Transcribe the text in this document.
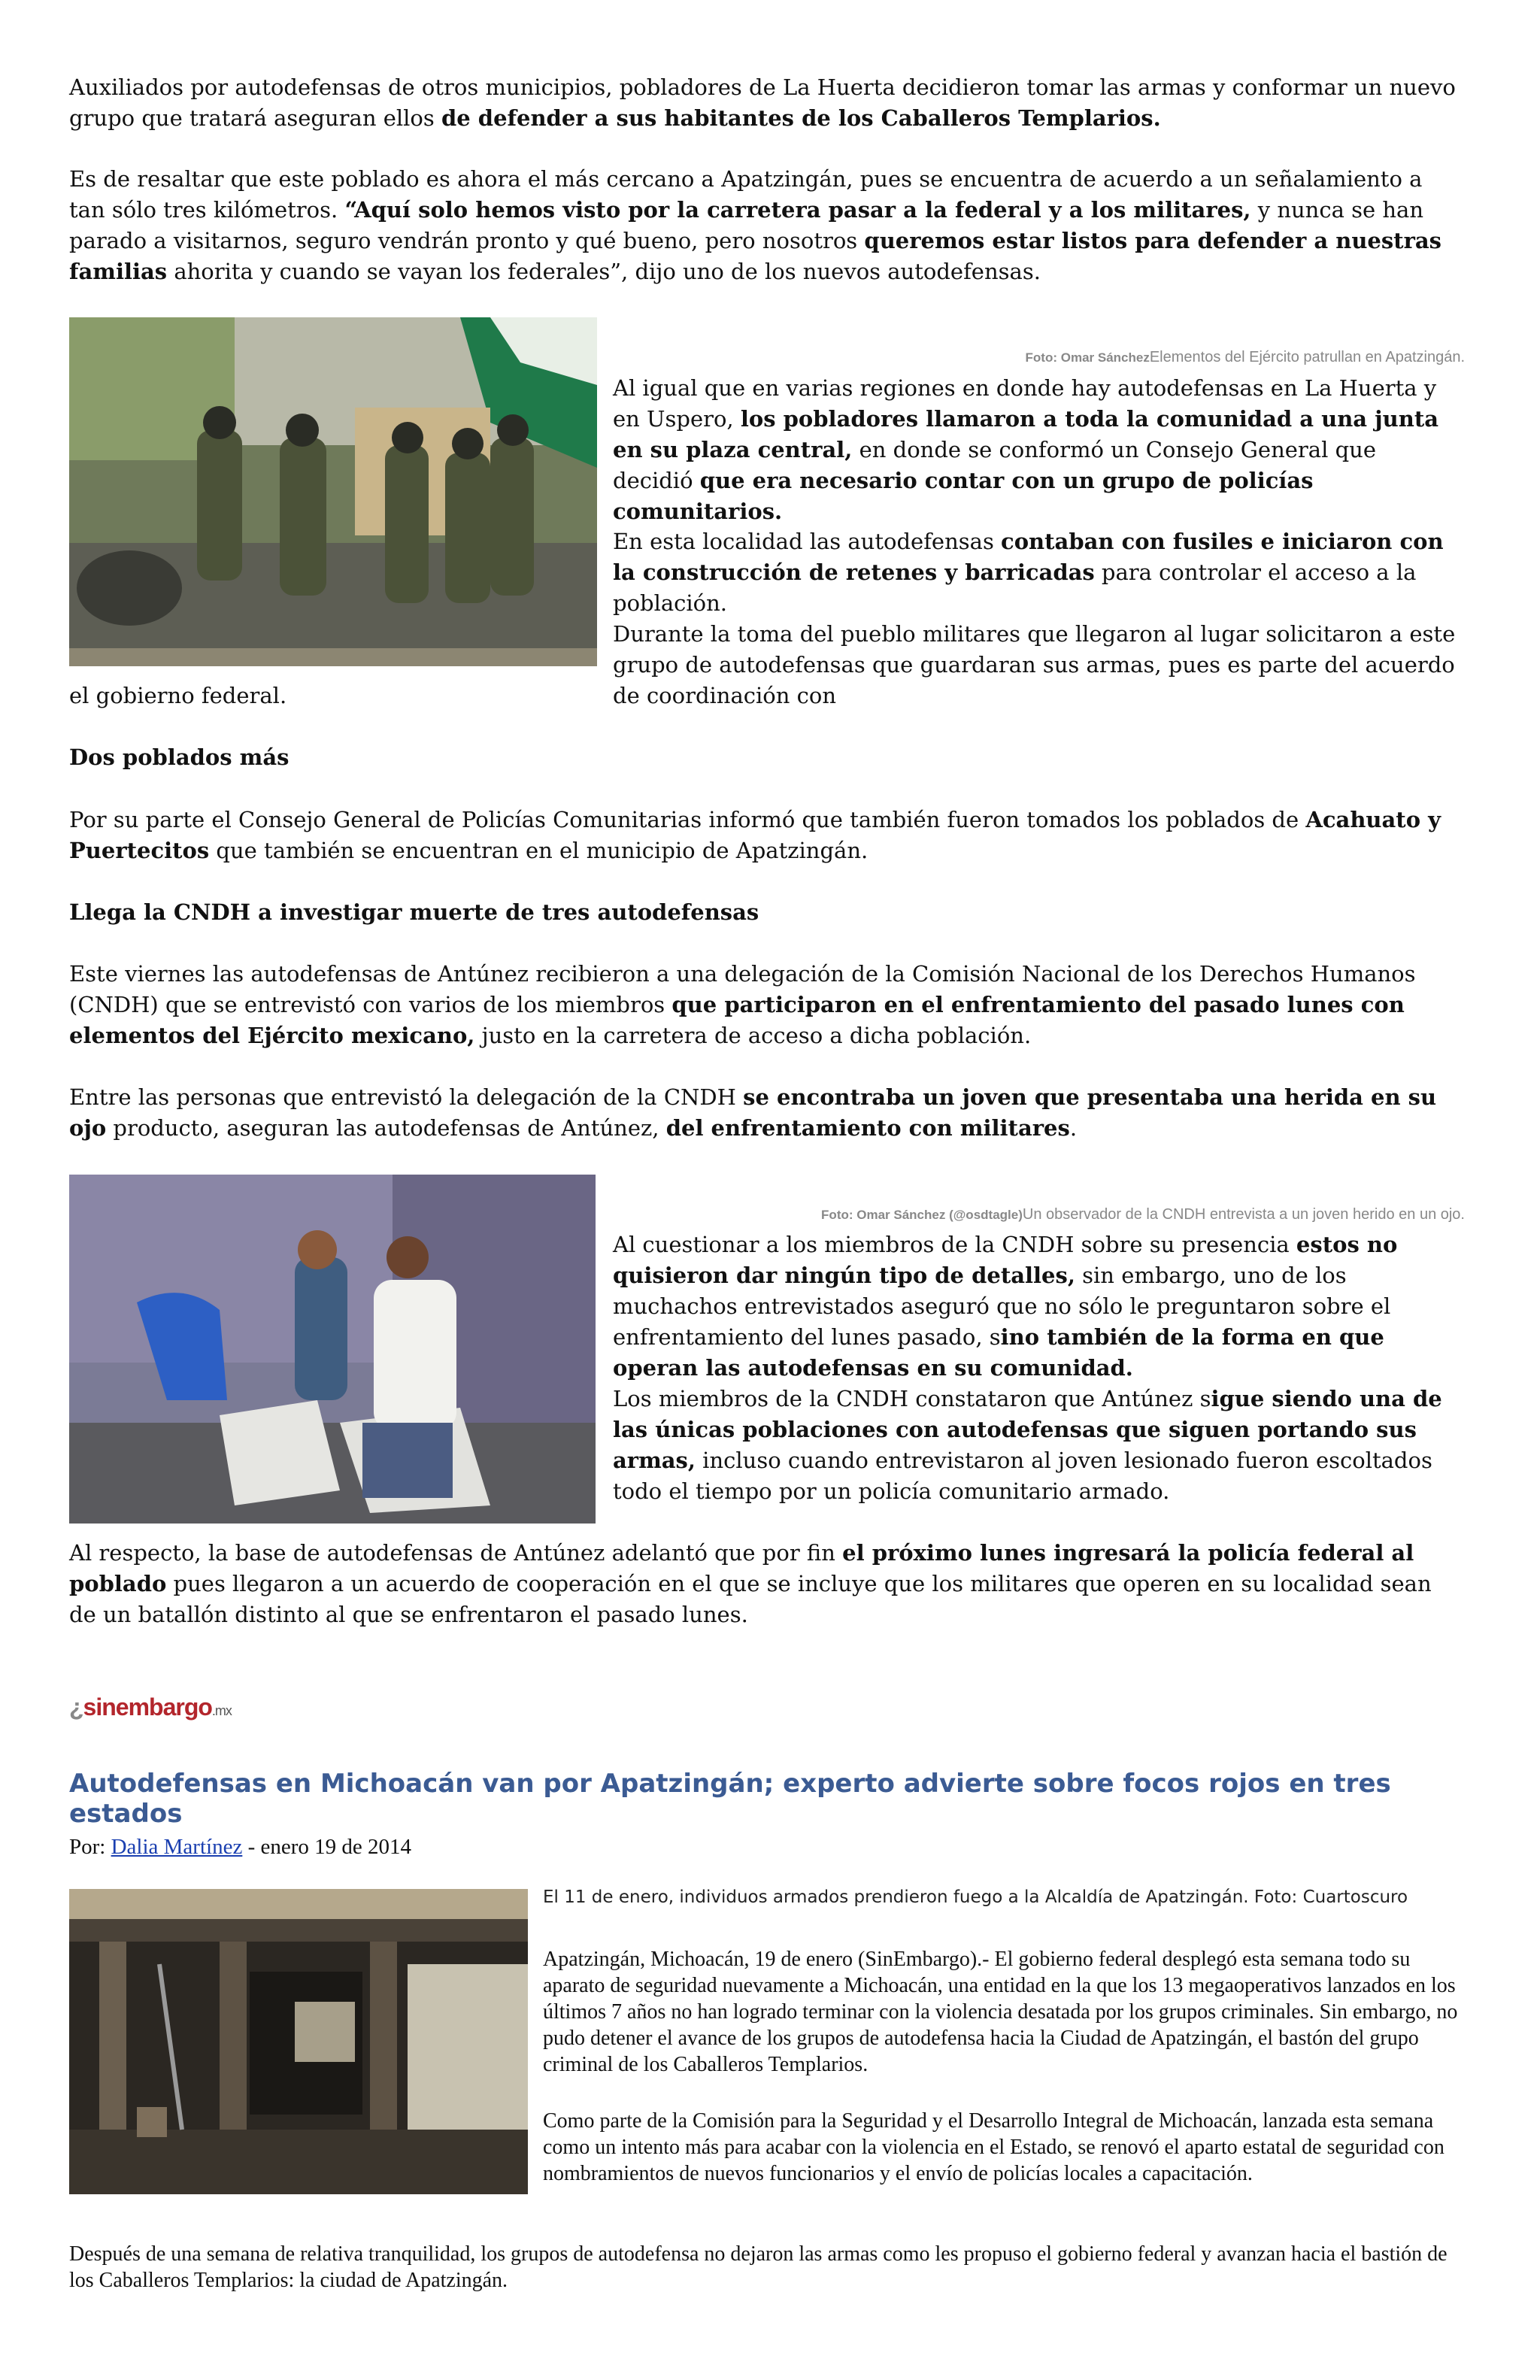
Auxiliados por autodefensas de otros municipios, pobladores de La Huerta decidieron tomar las armas y conformar un nuevo grupo que tratará aseguran ellos de defender a sus habitantes de los Caballeros Templarios.

Es de resaltar que este poblado es ahora el más cercano a Apatzingán, pues se encuentra de acuerdo a un señalamiento a tan sólo tres kilómetros. “Aquí solo hemos visto por la carretera pasar a la federal y a los militares, y nunca se han parado a visitarnos, seguro vendrán pronto y qué bueno, pero nosotros queremos estar listos para defender a nuestras familias ahorita y cuando se vayan los federales”, dijo uno de los nuevos autodefensas.

Foto: Omar SánchezElementos del Ejército patrullan en Apatzingán.

Al igual que en varias regiones en donde hay autodefensas en La Huerta y en Uspero, los pobladores llamaron a toda la comunidad a una junta en su plaza central, en donde se conformó un Consejo General que decidió que era necesario contar con un grupo de policías comunitarios.

En esta localidad las autodefensas contaban con fusiles e iniciaron con la construcción de retenes y barricadas para controlar el acceso a la población.

Durante la toma del pueblo militares que llegaron al lugar solicitaron a este grupo de autodefensas que guardaran sus armas, pues es parte del acuerdo de coordinación con

el gobierno federal.

Dos poblados más

Por su parte el Consejo General de Policías Comunitarias informó que también fueron tomados los poblados de Acahuato y Puertecitos que también se encuentran en el municipio de Apatzingán.

Llega la CNDH a investigar muerte de tres autodefensas

Este viernes las autodefensas de Antúnez recibieron a una delegación de la Comisión Nacional de los Derechos Humanos (CNDH) que se entrevistó con varios de los miembros que participaron en el enfrentamiento del pasado lunes con elementos del Ejército mexicano, justo en la carretera de acceso a dicha población.

Entre las personas que entrevistó la delegación de la CNDH se encontraba un joven que presentaba una herida en su ojo producto, aseguran las autodefensas de Antúnez, del enfrentamiento con militares.

Foto: Omar Sánchez (@osdtagle)Un observador de la CNDH entrevista a un joven herido en un ojo.

Al cuestionar a los miembros de la CNDH sobre su presencia estos no quisieron dar ningún tipo de detalles, sin embargo, uno de los muchachos entrevistados aseguró que no sólo le preguntaron sobre el enfrentamiento del lunes pasado, sino también de la forma en que operan las autodefensas en su comunidad.

Los miembros de la CNDH constataron que Antúnez sigue siendo una de las únicas poblaciones con autodefensas que siguen portando sus armas, incluso cuando entrevistaron al joven lesionado fueron escoltados todo el tiempo por un policía comunitario armado.

Al respecto, la base de autodefensas de Antúnez adelantó que por fin el próximo lunes ingresará la policía federal al poblado pues llegaron a un acuerdo de cooperación en el que se incluye que los militares que operen en su localidad sean de un batallón distinto al que se enfrentaron el pasado lunes.

¿sinembargo.mx
Autodefensas en Michoacán van por Apatzingán; experto advierte sobre focos rojos en tres estados
Por: Dalia Martínez - enero 19 de 2014
El 11 de enero, individuos armados prendieron fuego a la Alcaldía de Apatzingán. Foto: Cuartoscuro

Apatzingán, Michoacán, 19 de enero (SinEmbargo).- El gobierno federal desplegó esta semana todo su aparato de seguridad nuevamente a Michoacán, una entidad en la que los 13 megaoperativos lanzados en los últimos 7 años no han logrado terminar con la violencia desatada por los grupos criminales. Sin embargo, no pudo detener el avance de los grupos de autodefensa hacia la Ciudad de Apatzingán, el bastón del grupo criminal de los Caballeros Templarios.

Como parte de la Comisión para la Seguridad y el Desarrollo Integral de Michoacán, lanzada esta semana como un intento más para acabar con la violencia en el Estado, se renovó el aparto estatal de seguridad con nombramientos de nuevos funcionarios y el envío de policías locales a capacitación.

Después de una semana de relativa tranquilidad, los grupos de autodefensa no dejaron las armas como les propuso el gobierno federal y avanzan hacia el bastión de los Caballeros Templarios: la ciudad de Apatzingán.
